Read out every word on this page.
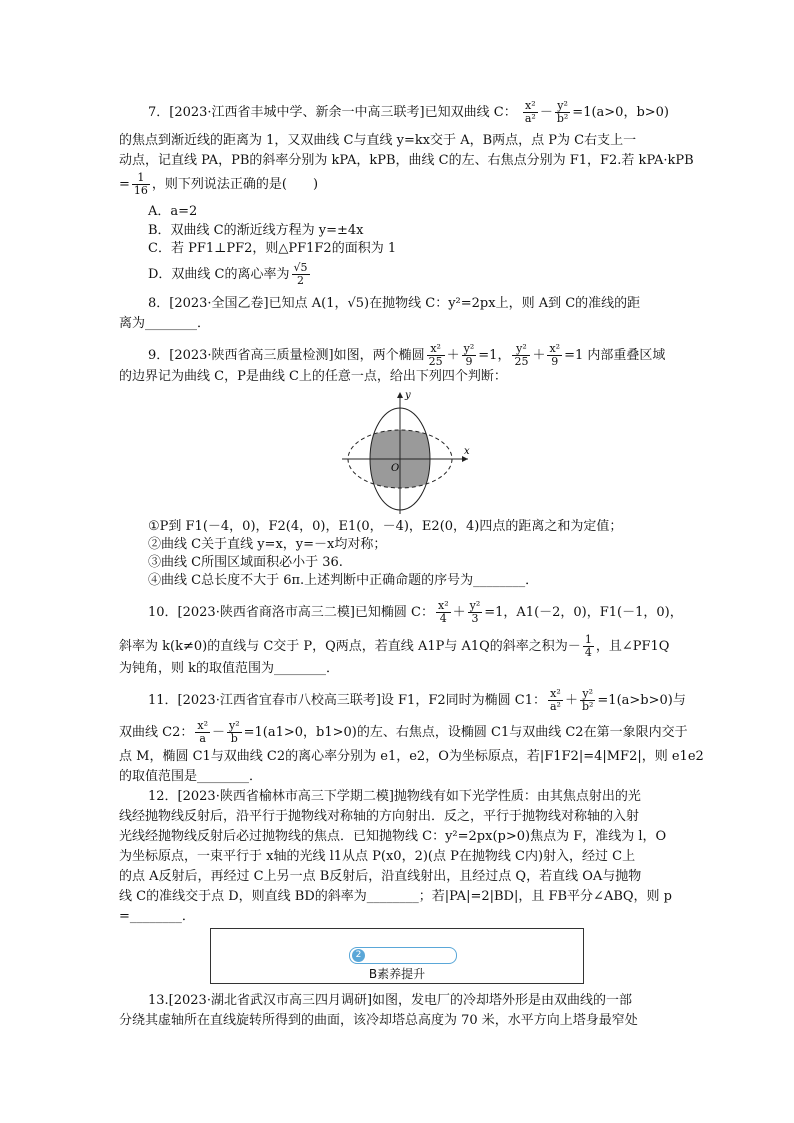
7．[2023·江西省丰城中学、新余一中高三联考]已知双曲线 C： $\frac{\text{x²}}{\text{a²}} - \frac{\text{y²}}{\text{b²}} =1(a>0$，b>0)
的焦点到渐近线的距离为 1，又双曲线 C与直线 y=kx交于 A，B两点，点 P为 C右支上一
动点，记直线 PA，PB的斜率分别为 kPA，kPB，曲线 C的左、右焦点分别为 F1，F2.若 kPA·kPB
= $\frac{1}{16}$ ，则下列说法正确的是(　　)
A．a=2
B．双曲线 C的渐近线方程为 y=±4x
C．若 PF1⊥PF2，则△PF1F2的面积为 1
D．双曲线 C的离心率为 $\frac{√5}{2}$
8．[2023·全国乙卷]已知点 A(1，√5)在抛物线 C：y²=2px上，则 A到 C的准线的距
离为________．
9．[2023·陕西省高三质量检测]如图，两个椭圆 $\frac{\text{x²}}{25} + \frac{\text{y²}}{9} =1$， $\frac{\text{y²}}{25} + \frac{\text{x²}}{9} =1$ 内部重叠区域
的边界记为曲线 C，P是曲线 C上的任意一点，给出下列四个判断：
x
y
O
①P到 F1(－4，0)，F2(4，0)，E1(0，－4)，E2(0，4)四点的距离之和为定值；
②曲线 C关于直线 y=x，y=－x均对称；
③曲线 C所围区域面积必小于 36.
④曲线 C总长度不大于 6π.上述判断中正确命题的序号为________．
10．[2023·陕西省商洛市高三二模]已知椭圆 C： $\frac{\text{x²}}{4} + \frac{\text{y²}}{3} =1$，A1(－2，0)，F1(－1，0)，
斜率为 k(k≠0)的直线与 C交于 P，Q两点，若直线 A1P与 A1Q的斜率之积为－ $\frac{1}{4}$ ，且∠PF1Q
为钝角，则 k的取值范围为________．
11．[2023·江西省宜春市八校高三联考]设 F1，F2同时为椭圆 C1： $\frac{\text{x²}}{\text{a²}} + \frac{\text{y²}}{\text{b²}} =1(a>b>0)$与
双曲线 C2： $\frac{\text{x²}}{a} - \frac{\text{y²}}{b} =1(a1>0$，b1>0)的左、右焦点，设椭圆 C1与双曲线 C2在第一象限内交于
点 M，椭圆 C1与双曲线 C2的离心率分别为 e1，e2，O为坐标原点，若|F1F2|=4|MF2|，则 e1e2
的取值范围是________．
12．[2023·陕西省榆林市高三下学期二模]抛物线有如下光学性质：由其焦点射出的光
线经抛物线反射后，沿平行于抛物线对称轴的方向射出．反之，平行于抛物线对称轴的入射
光线经抛物线反射后必过抛物线的焦点．已知抛物线 C：y²=2px(p>0)焦点为 F，准线为 l，O
为坐标原点，一束平行于 x轴的光线 l1从点 P(x0，2)(点 P在抛物线 C内)射入，经过 C上
的点 A反射后，再经过 C上另一点 B反射后，沿直线射出，且经过点 Q，若直线 OA与抛物
线 C的准线交于点 D，则直线 BD的斜率为________；若|PA|=2|BD|，且 FB平分∠ABQ，则 p
=________．
2
B素养提升
13.[2023·湖北省武汉市高三四月调研]如图，发电厂的冷却塔外形是由双曲线的一部
分绕其虚轴所在直线旋转所得到的曲面，该冷却塔总高度为 70 米，水平方向上塔身最窄处
